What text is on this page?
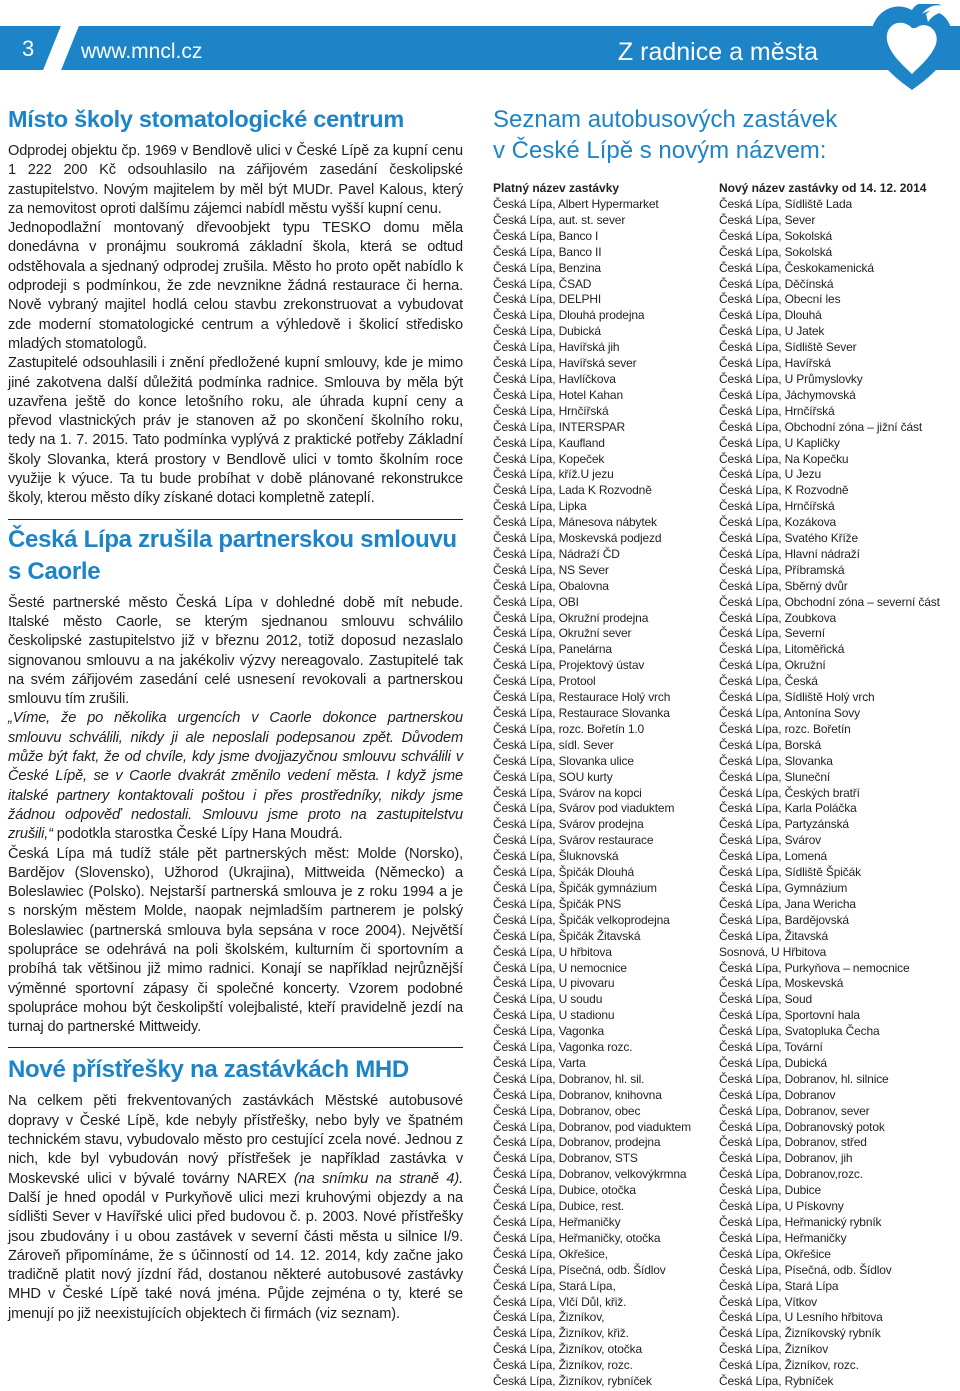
3 www.mncl.cz	Z radnice a města
Místo školy stomatologické centrum

Odprodej objektu čp. 1969 v Bendlově ulici v České Lípě za kupní cenu 1 222 200 Kč odsouhlasilo na zářijovém zasedání českolipské zastupitelstvo. Novým majitelem by měl být MUDr. Pavel Kalous, který za nemovitost oproti dalšímu zájemci nabídl městu vyšší kupní cenu.

Jednopodlažní montovaný dřevoobjekt typu TESKO domu měla donedávna v pronájmu soukromá základní škola, která se odtud odstěhovala a sjednaný odprodej zrušila. Město ho proto opět nabídlo k odprodeji s podmínkou, že zde nevznikne žádná restaurace či herna. Nově vybraný majitel hodlá celou stavbu zrekonstruovat a vybudovat zde moderní stomatologické centrum a výhledově i školicí středisko mladých stomatologů.

Zastupitelé odsouhlasili i znění předložené kupní smlouvy, kde je mimo jiné zakotvena další důležitá podmínka radnice. Smlouva by měla být uzavřena ještě do konce letošního roku, ale úhrada kupní ceny a převod vlastnických práv je stanoven až po skončení školního roku, tedy na 1. 7. 2015. Tato podmínka vyplývá z praktické potřeby Základní školy Slovanka, která prostory v Bendlově ulici v tomto školním roce využije k výuce. Ta tu bude probíhat v době plánované rekonstrukce školy, kterou město díky získané dotaci kompletně zateplí.

Česká Lípa zrušila partnerskou smlouvu s Caorle

Šesté partnerské město Česká Lípa v dohledné době mít nebude. Italské město Caorle, se kterým sjednanou smlouvu schválilo českolipské zastupitelstvo již v březnu 2012, totiž doposud nezaslalo signovanou smlouvu a na jakékoliv výzvy nereagovalo. Zastupitelé tak na svém zářijovém zasedání celé usnesení revokovali a partnerskou smlouvu tím zrušili.

„Víme, že po několika urgencích v Caorle dokonce partnerskou smlouvu schválili, nikdy ji ale neposlali podepsanou zpět. Důvodem může být fakt, že od chvíle, kdy jsme dvojjazyčnou smlouvu schválili v České Lípě, se v Caorle dvakrát změnilo vedení města. I když jsme italské partnery kontaktovali poštou i přes prostředníky, nikdy jsme žádnou odpověď nedostali. Smlouvu jsme proto na zastupitelstvu zrušili,“ podotkla starostka České Lípy Hana Moudrá.

Česká Lípa má tudíž stále pět partnerských měst: Molde (Norsko), Bardějov (Slovensko), Užhorod (Ukrajina), Mittweida (Německo) a Boleslawiec (Polsko). Nejstarší partnerská smlouva je z roku 1994 a je s norským městem Molde, naopak nejmladším partnerem je polský Boleslawiec (partnerská smlouva byla sepsána v roce 2004). Největší spolupráce se odehrává na poli školském, kulturním či sportovním a probíhá tak většinou již mimo radnici. Konají se například nejrůznější výměnné sportovní zápasy či společné koncerty. Vzorem podobné spolupráce mohou být českolipští volejbalisté, kteří pravidelně jezdí na turnaj do partnerské Mittweidy.

Nové přístřešky na zastávkách MHD

Na celkem pěti frekventovaných zastávkách Městské autobusové dopravy v České Lípě, kde nebyly přístřešky, nebo byly ve špatném technickém stavu, vybudovalo město pro cestující zcela nové. Jednou z nich, kde byl vybudován nový přístřešek je například zastávka v Moskevské ulici v bývalé továrny NAREX (na snímku na straně 4). Další je hned opodál v Purkyňově ulici mezi kruhovými objezdy a na sídlišti Sever v Havířské ulici před budovou č. p. 2003. Nové přístřešky jsou zbudovány i u obou zastávek v severní části města u silnice I/9. Zároveň připomínáme, že s účinností od 14. 12. 2014, kdy začne jako tradičně platit nový jízdní řád, dostanou některé autobusové zastávky MHD v České Lípě také nová jména. Půjde zejména o ty, které se jmenují po již neexistujících objektech či firmách (viz seznam).

Seznam autobusových zastávek
v České Lípě s novým názvem:
Platný název zastávky	Nový název zastávky od 14. 12. 2014
Česká Lípa, Albert Hypermarket	Česká Lípa, Sídliště Lada
Česká Lípa, aut. st. sever	Česká Lípa, Sever
Česká Lípa, Banco I	Česká Lípa, Sokolská
Česká Lípa, Banco II	Česká Lípa, Sokolská
Česká Lípa, Benzina	Česká Lípa, Českokamenická
Česká Lípa, ČSAD	Česká Lípa, Děčínská
Česká Lípa, DELPHI	Česká Lípa, Obecní les
Česká Lípa, Dlouhá prodejna	Česká Lípa, Dlouhá
Česká Lípa, Dubická	Česká Lípa, U Jatek
Česká Lípa, Havířská jih	Česká Lípa, Sídliště Sever
Česká Lípa, Havířská sever	Česká Lípa, Havířská
Česká Lípa, Havlíčkova	Česká Lípa, U Průmyslovky
Česká Lípa, Hotel Kahan	Česká Lípa, Jáchymovská
Česká Lípa, Hrnčířská	Česká Lípa, Hrnčířská
Česká Lípa, INTERSPAR	Česká Lípa, Obchodní zóna – jižní část
Česká Lípa, Kaufland	Česká Lípa, U Kapličky
Česká Lípa, Kopeček	Česká Lípa, Na Kopečku
Česká Lípa, kříž.U jezu	Česká Lípa, U Jezu
Česká Lípa, Lada K Rozvodně	Česká Lípa, K Rozvodně
Česká Lípa, Lipka	Česká Lípa, Hrnčířská
Česká Lípa, Mánesova nábytek	Česká Lípa, Kozákova
Česká Lípa, Moskevská podjezd	Česká Lípa, Svatého Kříže
Česká Lípa, Nádraží ČD	Česká Lípa, Hlavní nádraží
Česká Lípa, NS Sever	Česká Lípa, Příbramská
Česká Lípa, Obalovna	Česká Lípa, Sběrný dvůr
Česká Lípa, OBI	Česká Lípa, Obchodní zóna – severní část
Česká Lípa, Okružní prodejna	Česká Lípa, Zoubkova
Česká Lípa, Okružní sever	Česká Lípa, Severní
Česká Lípa, Panelárna	Česká Lípa, Litoměřická
Česká Lípa, Projektový ústav	Česká Lípa, Okružní
Česká Lípa, Protool	Česká Lípa, Česká
Česká Lípa, Restaurace Holý vrch	Česká Lípa, Sídliště Holý vrch
Česká Lípa, Restaurace Slovanka	Česká Lípa, Antonína Sovy
Česká Lípa, rozc. Bořetín 1.0	Česká Lípa, rozc. Bořetín
Česká Lípa, sídl. Sever	Česká Lípa, Borská
Česká Lípa, Slovanka ulice	Česká Lípa, Slovanka
Česká Lípa, SOU kurty	Česká Lípa, Sluneční
Česká Lípa, Svárov na kopci	Česká Lípa, Českých bratří
Česká Lípa, Svárov pod viaduktem	Česká Lípa, Karla Poláčka
Česká Lípa, Svárov prodejna	Česká Lípa, Partyzánská
Česká Lípa, Svárov restaurace	Česká Lípa, Svárov
Česká Lípa, Šluknovská	Česká Lípa, Lomená
Česká Lípa, Špičák Dlouhá	Česká Lípa, Sídliště Špičák
Česká Lípa, Špičák gymnázium	Česká Lípa, Gymnázium
Česká Lípa, Špičák PNS	Česká Lípa, Jana Wericha
Česká Lípa, Špičák velkoprodejna	Česká Lípa, Bardějovská
Česká Lípa, Špičák Žitavská	Česká Lípa, Žitavská
Česká Lípa, U hřbitova	Sosnová, U Hřbitova
Česká Lípa, U nemocnice	Česká Lípa, Purkyňova – nemocnice
Česká Lípa, U pivovaru	Česká Lípa, Moskevská
Česká Lípa, U soudu	Česká Lípa, Soud
Česká Lípa, U stadionu	Česká Lípa, Sportovní hala
Česká Lípa, Vagonka	Česká Lípa, Svatopluka Čecha
Česká Lípa, Vagonka rozc.	Česká Lípa, Tovární
Česká Lípa, Varta	Česká Lípa, Dubická
Česká Lípa, Dobranov, hl. sil.	Česká Lípa, Dobranov, hl. silnice
Česká Lípa, Dobranov, knihovna	Česká Lípa, Dobranov
Česká Lípa, Dobranov, obec	Česká Lípa, Dobranov, sever
Česká Lípa, Dobranov, pod viaduktem	Česká Lípa, Dobranovský potok
Česká Lípa, Dobranov, prodejna	Česká Lípa, Dobranov, střed
Česká Lípa, Dobranov, STS	Česká Lípa, Dobranov, jih
Česká Lípa, Dobranov, velkovýkrmna	Česká Lípa, Dobranov,rozc.
Česká Lípa, Dubice, otočka	Česká Lípa, Dubice
Česká Lípa, Dubice, rest.	Česká Lípa, U Pískovny
Česká Lípa, Heřmaničky	Česká Lípa, Heřmanický rybník
Česká Lípa, Heřmaničky, otočka	Česká Lípa, Heřmaničky
Česká Lípa, Okřešice,	Česká Lípa, Okřešice
Česká Lípa, Písečná, odb. Šídlov	Česká Lípa, Písečná, odb. Šídlov
Česká Lípa, Stará Lípa,	Česká Lípa, Stará Lípa
Česká Lípa, Vlčí Důl, křiž.	Česká Lípa, Vítkov
Česká Lípa, Žizníkov,	Česká Lípa, U Lesního hřbitova
Česká Lípa, Žizníkov, křiž.	Česká Lípa, Žizníkovský rybník
Česká Lípa, Žizníkov, otočka	Česká Lípa, Žizníkov
Česká Lípa, Žizníkov, rozc.	Česká Lípa, Žizníkov, rozc.
Česká Lípa, Žizníkov, rybníček	Česká Lípa, Rybníček
